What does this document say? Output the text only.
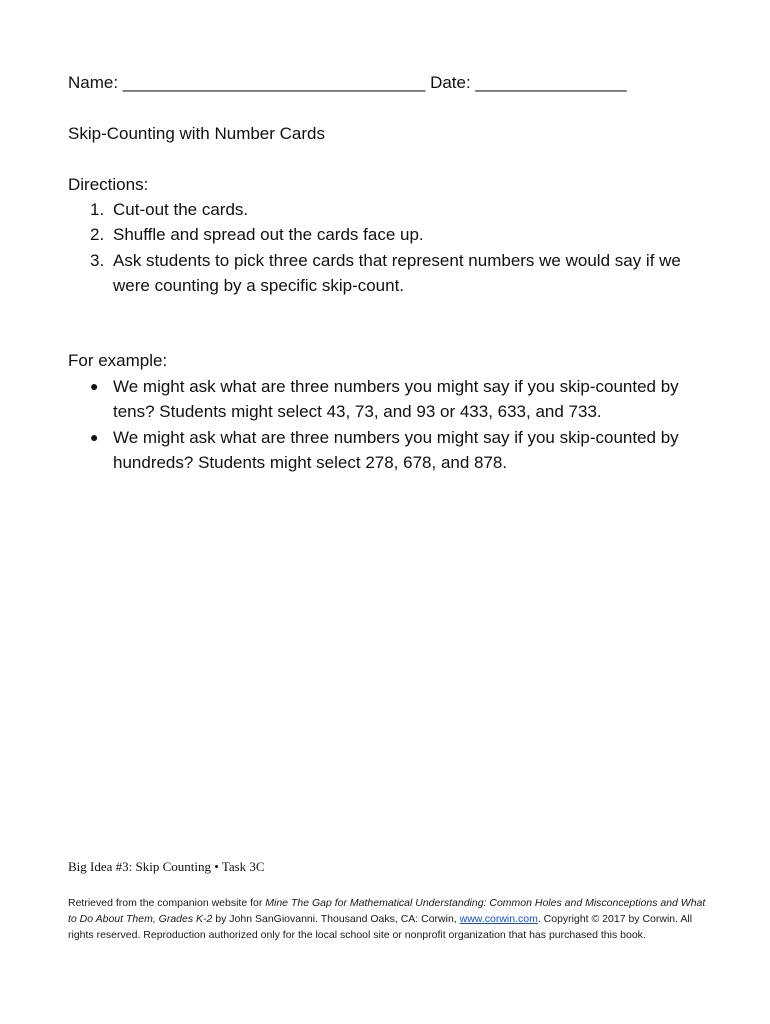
Name: ________________________________ Date: ________________
Skip-Counting with Number Cards
Directions:
1. Cut-out the cards.
2. Shuffle and spread out the cards face up.
3. Ask students to pick three cards that represent numbers we would say if we were counting by a specific skip-count.
For example:
● We might ask what are three numbers you might say if you skip-counted by tens? Students might select 43, 73, and 93 or 433, 633, and 733.
● We might ask what are three numbers you might say if you skip-counted by hundreds? Students might select 278, 678, and 878.
Big Idea #3: Skip Counting • Task 3C
Retrieved from the companion website for Mine The Gap for Mathematical Understanding: Common Holes and Misconceptions and What to Do About Them, Grades K-2 by John SanGiovanni. Thousand Oaks, CA: Corwin, www.corwin.com. Copyright © 2017 by Corwin. All rights reserved. Reproduction authorized only for the local school site or nonprofit organization that has purchased this book.
